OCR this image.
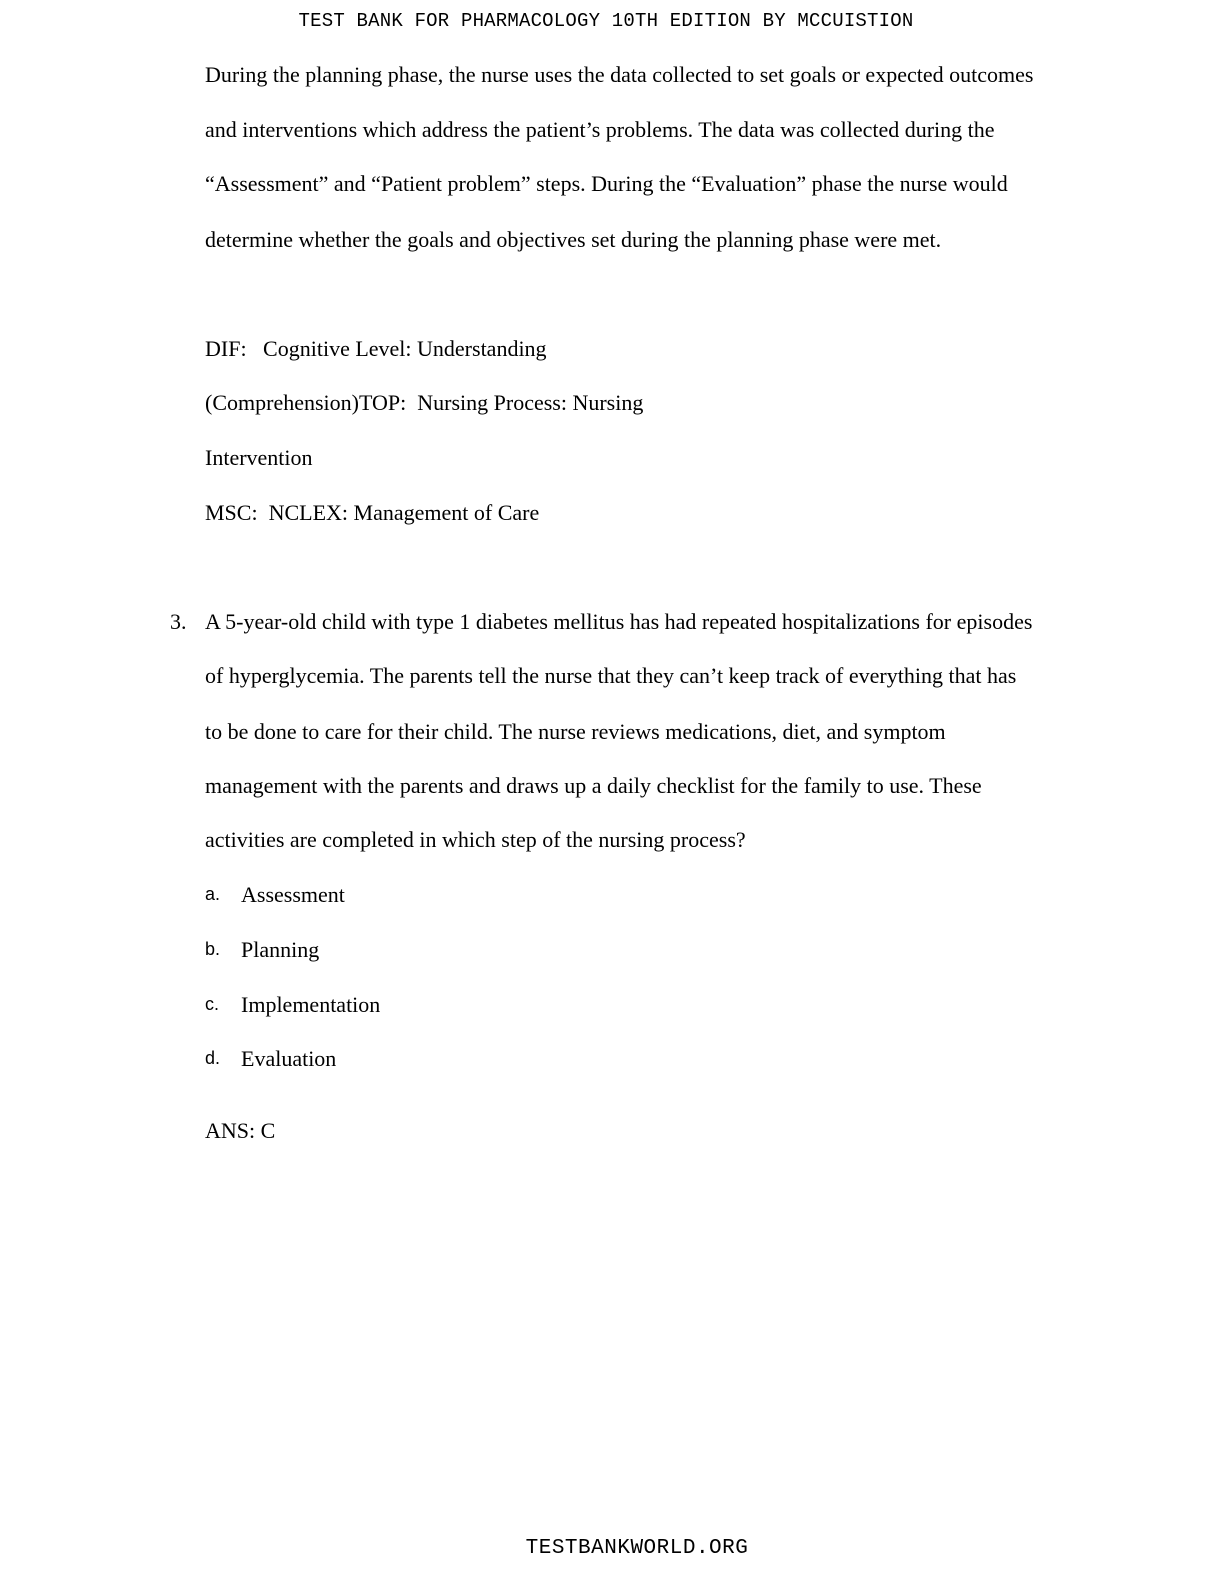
TEST BANK FOR PHARMACOLOGY 10TH EDITION BY MCCUISTION
During the planning phase, the nurse uses the data collected to set goals or expected outcomes
and interventions which address the patient’s problems. The data was collected during the
“Assessment” and “Patient problem” steps. During the “Evaluation” phase the nurse would
determine whether the goals and objectives set during the planning phase were met.
DIF:   Cognitive Level: Understanding
(Comprehension)TOP:  Nursing Process: Nursing
Intervention
MSC:  NCLEX: Management of Care
3. A 5-year-old child with type 1 diabetes mellitus has had repeated hospitalizations for episodes
of hyperglycemia. The parents tell the nurse that they can’t keep track of everything that has
to be done to care for their child. The nurse reviews medications, diet, and symptom
management with the parents and draws up a daily checklist for the family to use. These
activities are completed in which step of the nursing process?
a. Assessment
b. Planning
c. Implementation
d. Evaluation
ANS: C
TESTBANKWORLD.ORG
